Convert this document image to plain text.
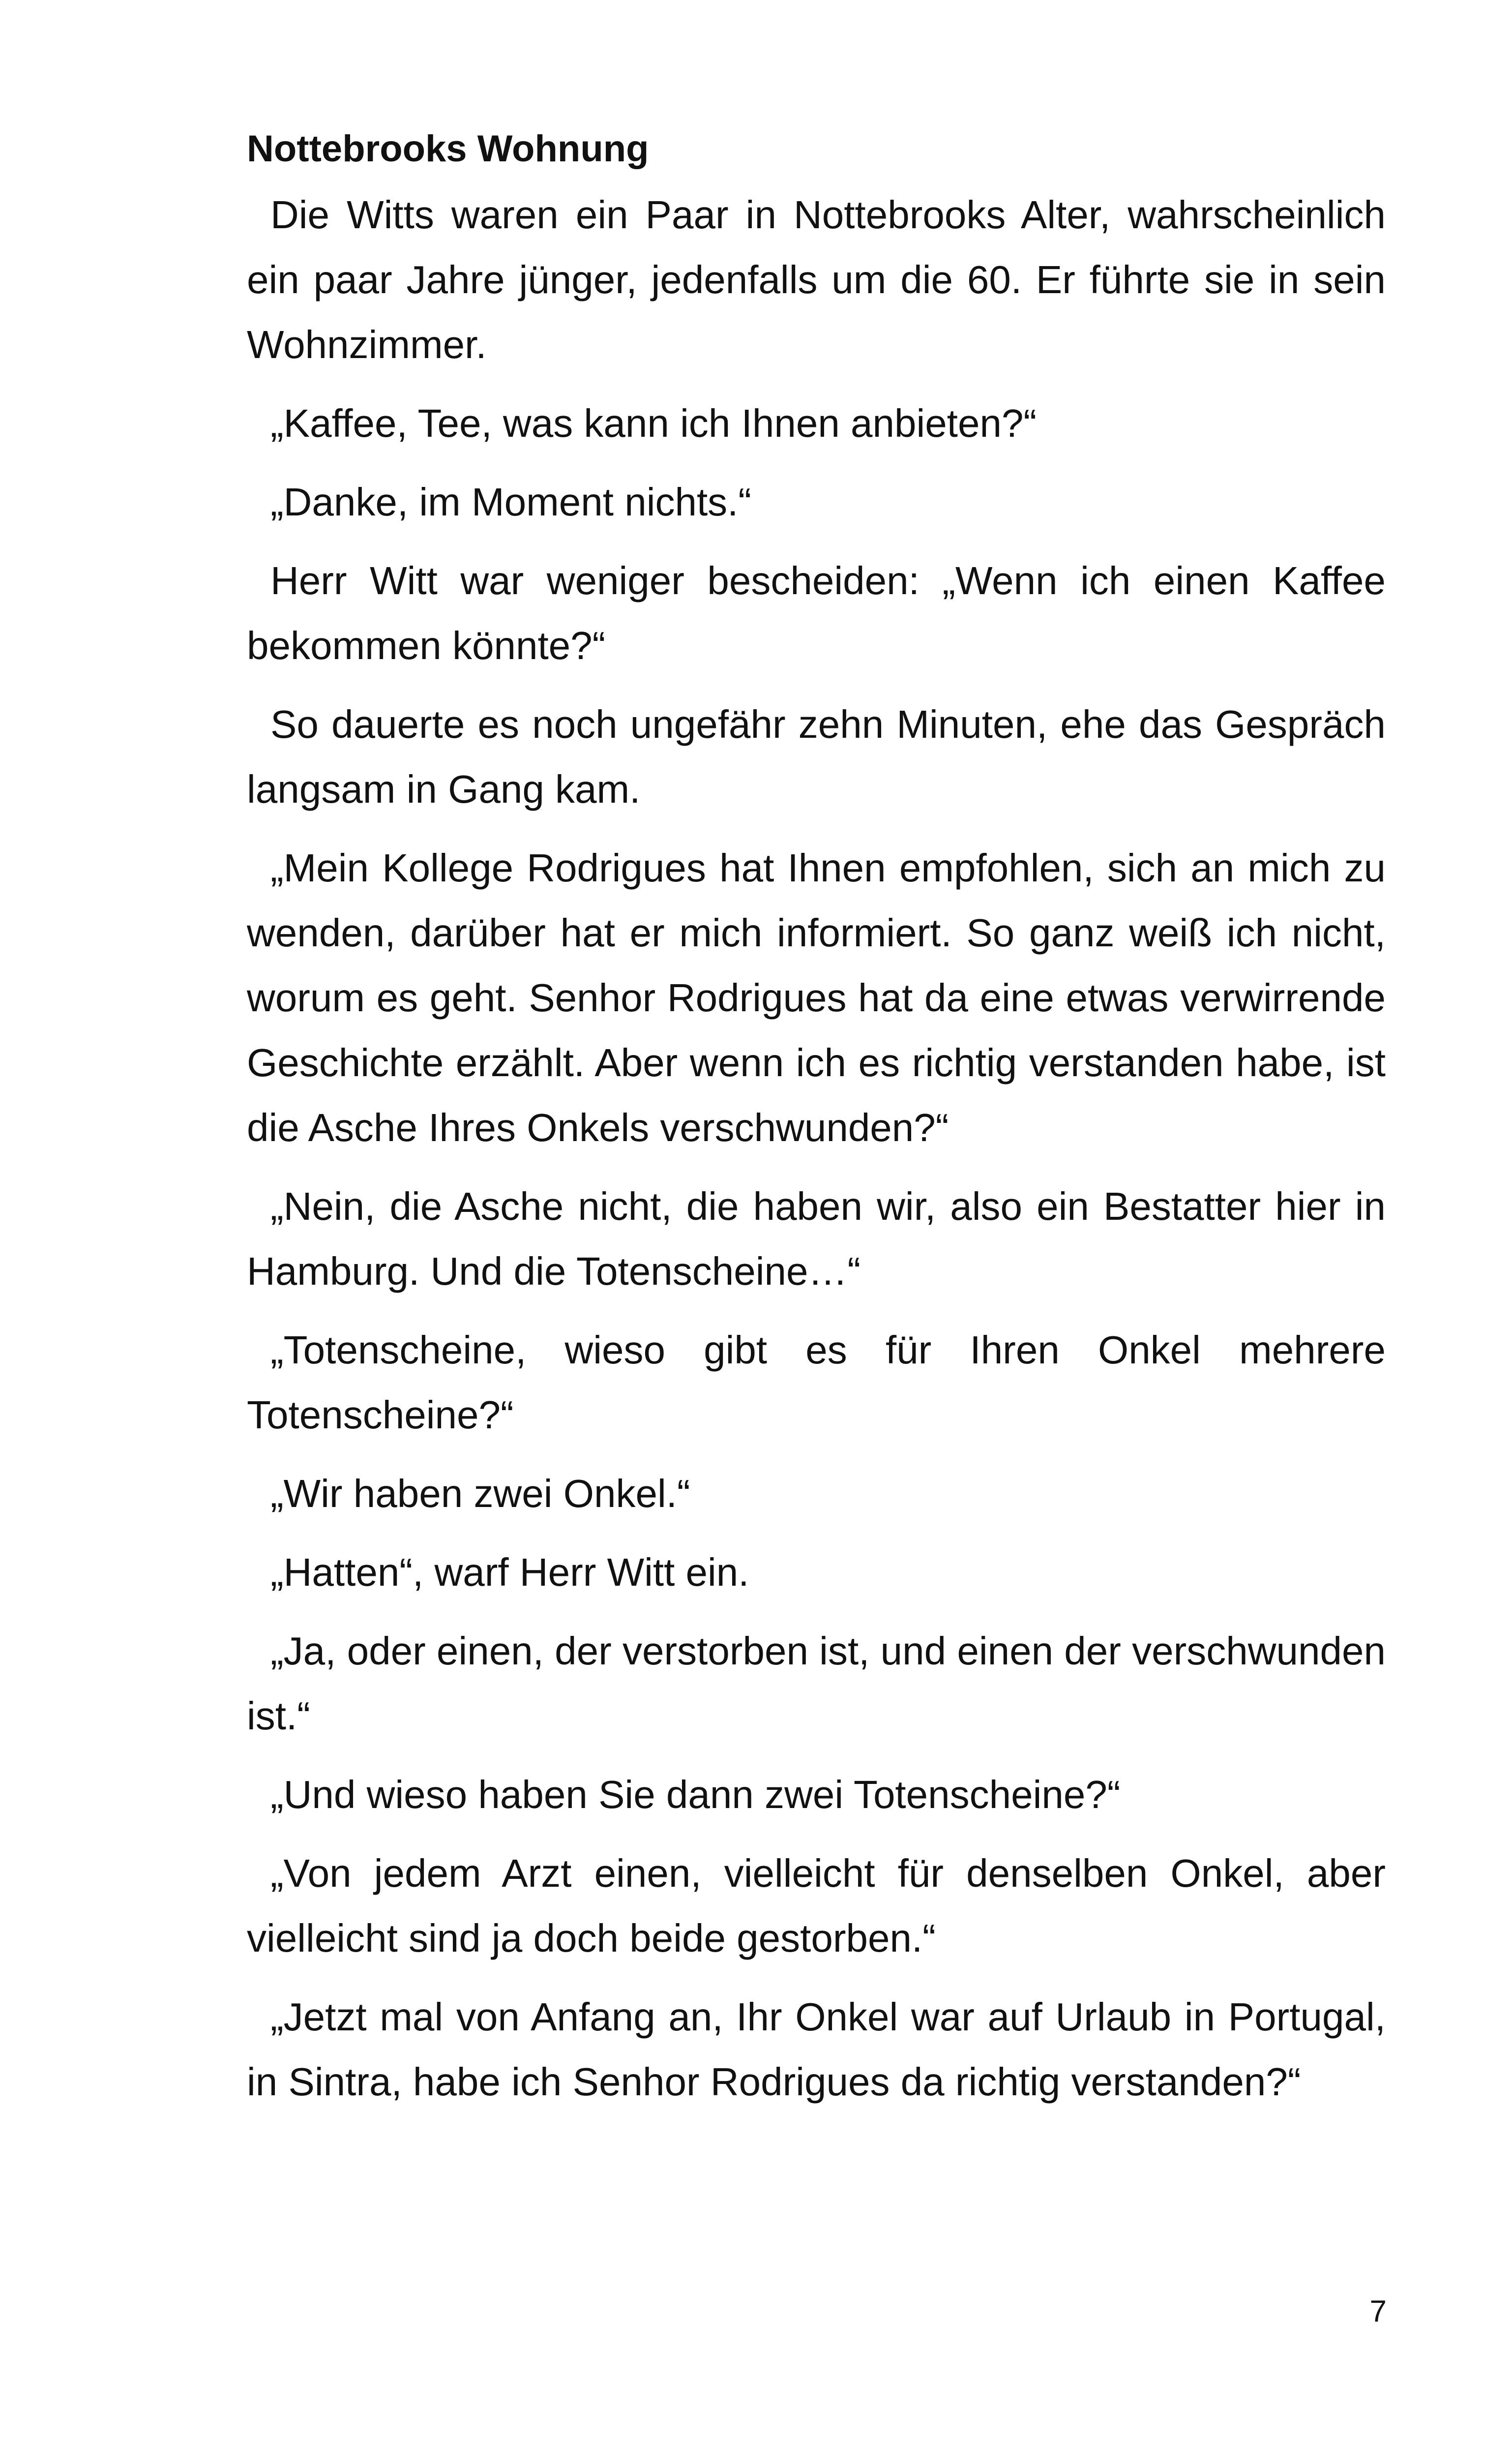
Nottebrooks Wohnung

Die Witts waren ein Paar in Nottebrooks Alter, wahrscheinlich ein paar Jahre jünger, jedenfalls um die 60. Er führte sie in sein Wohnzimmer.

„Kaffee, Tee, was kann ich Ihnen anbieten?“

„Danke, im Moment nichts.“

Herr Witt war weniger bescheiden: „Wenn ich einen Kaffee bekommen könnte?“

So dauerte es noch ungefähr zehn Minuten, ehe das Gespräch langsam in Gang kam.

„Mein Kollege Rodrigues hat Ihnen empfohlen, sich an mich zu wenden, darüber hat er mich informiert. So ganz weiß ich nicht, worum es geht. Senhor Rodrigues hat da eine etwas verwirrende Geschichte erzählt. Aber wenn ich es richtig verstanden habe, ist die Asche Ihres Onkels verschwunden?“

„Nein, die Asche nicht, die haben wir, also ein Bestatter hier in Hamburg. Und die Totenscheine…“

„Totenscheine, wieso gibt es für Ihren Onkel mehrere Totenscheine?“

„Wir haben zwei Onkel.“

„Hatten“, warf Herr Witt ein.

„Ja, oder einen, der verstorben ist, und einen der verschwunden ist.“

„Und wieso haben Sie dann zwei Totenscheine?“

„Von jedem Arzt einen, vielleicht für denselben Onkel, aber vielleicht sind ja doch beide gestorben.“

„Jetzt mal von Anfang an, Ihr Onkel war auf Urlaub in Portugal, in Sintra, habe ich Senhor Rodrigues da richtig verstanden?“

7
